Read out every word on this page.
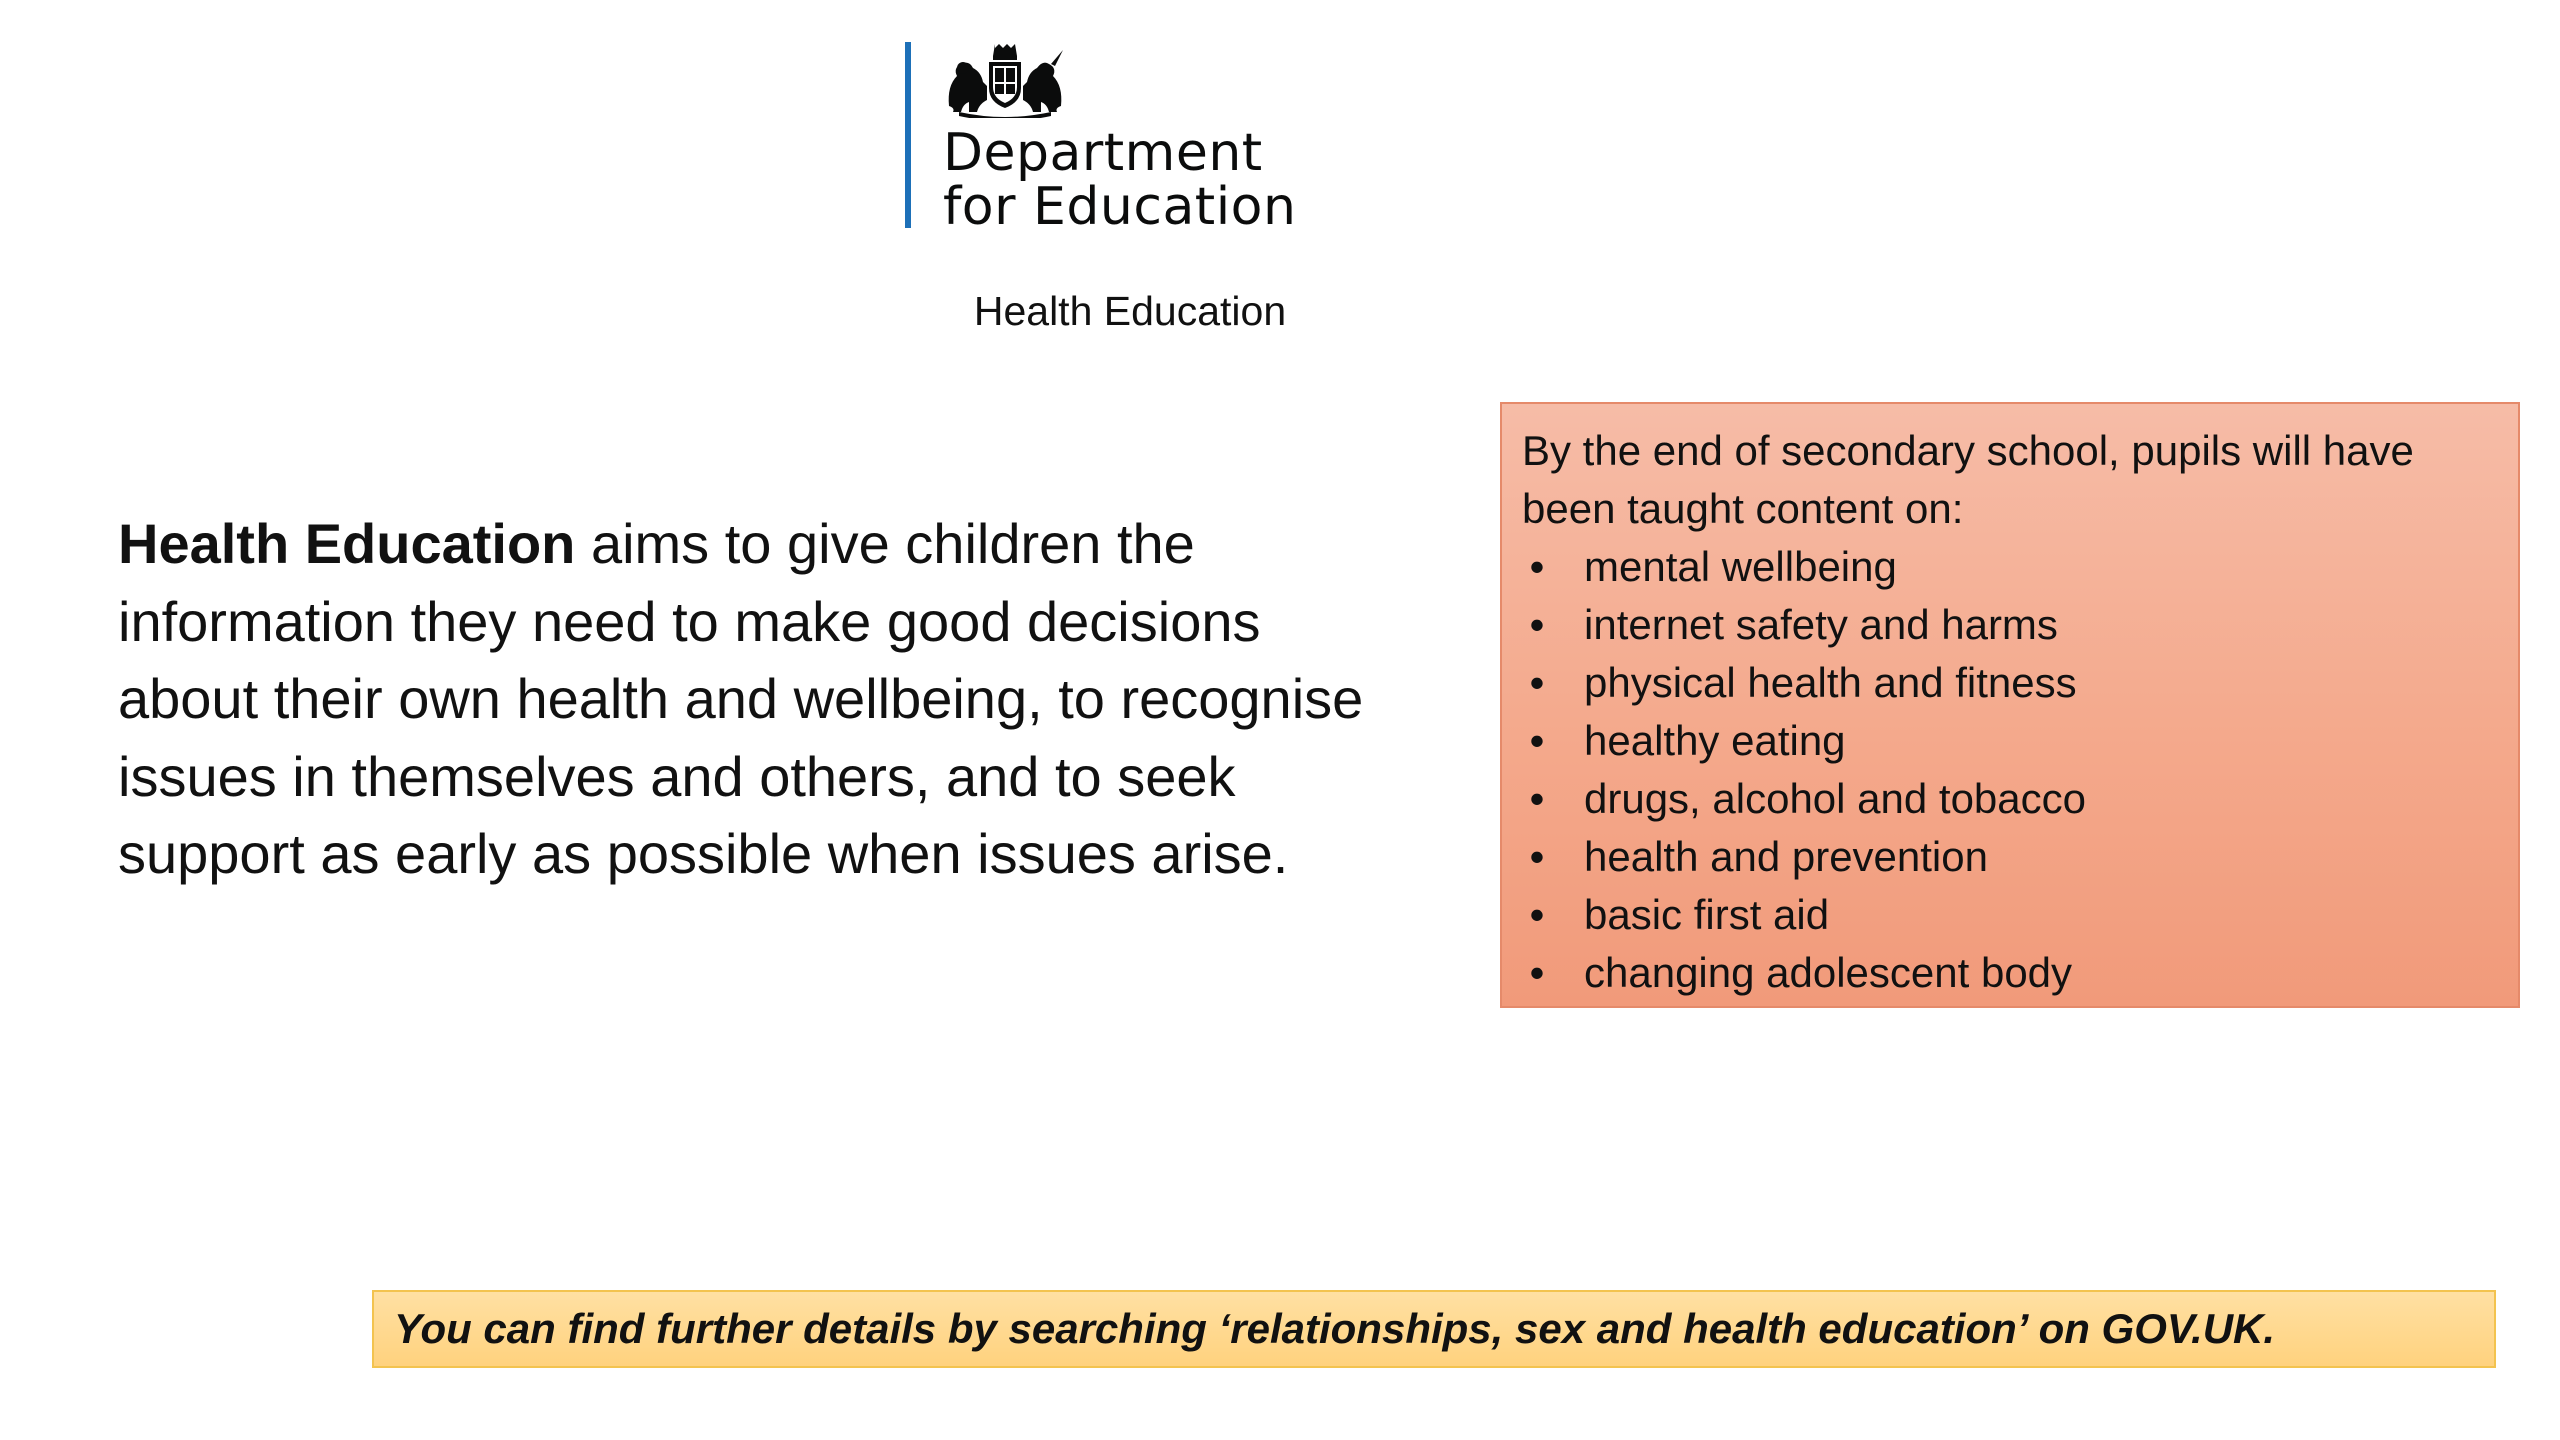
Department
for Education
Health Education
Health Education aims to give children the information they need to make good decisions about their own health and wellbeing, to recognise issues in themselves and others, and to seek support as early as possible when issues arise.
By the end of secondary school, pupils will have been taught content on:
• mental wellbeing
• internet safety and harms
• physical health and fitness
• healthy eating
• drugs, alcohol and tobacco
• health and prevention
• basic first aid
• changing adolescent body
You can find further details by searching ‘relationships, sex and health education’ on GOV.UK.
